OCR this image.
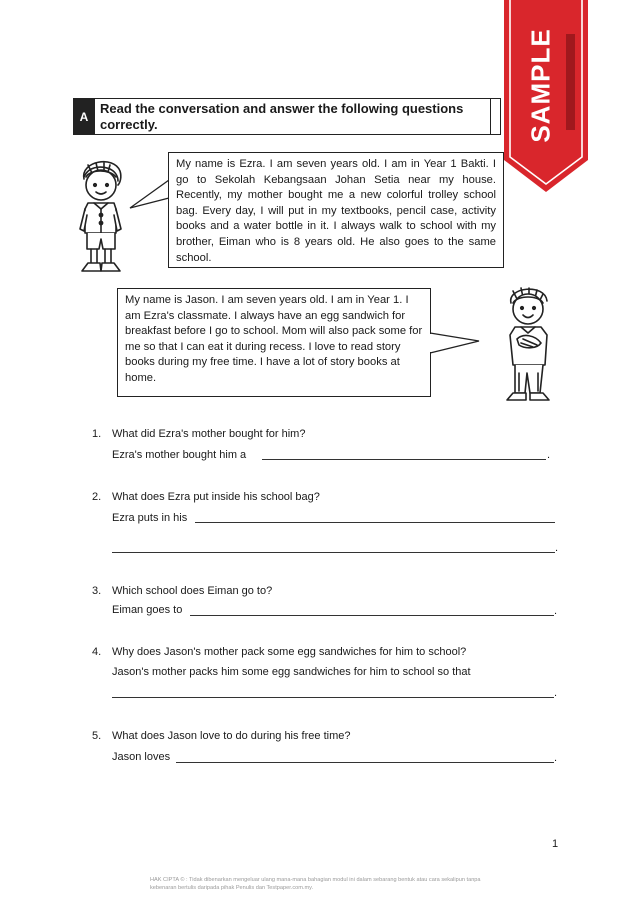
SAMPLE
A
Read the conversation and answer the following questions correctly.
My name is Ezra. I am seven years old. I am in Year 1 Bakti. I go to Sekolah Kebangsaan Johan Setia near my house. Recently, my mother bought me a new colorful trolley school bag. Every day, I will put in my textbooks, pencil case, activity books and a water bottle in it. I always walk to school with my brother, Eiman who is 8 years old. He also goes to the same school.
My name is Jason. I am seven years old. I am in Year 1. I am Ezra's classmate. I always have an egg sandwich for breakfast before I go to school. Mom will also pack some for me so that I can eat it during recess. I love to read story books during my free time. I have a lot of story books at home.
1. What did Ezra's mother bought for him?
Ezra's mother bought him a	.
2. What does Ezra put inside his school bag?
Ezra puts in his
.
3. Which school does Eiman go to?
Eiman goes to	.
4. Why does Jason's mother pack some egg sandwiches for him to school?
Jason's mother packs him some egg sandwiches for him to school so that
.
5. What does Jason love to do during his free time?
Jason loves	.
1
HAK CIPTA © : Tidak dibenarkan mengeluar ulang mana-mana bahagian modul ini dalam sebarang bentuk atau cara sekalipun tanpa kebenaran bertulis daripada pihak Penulis dan Testpaper.com.my.
